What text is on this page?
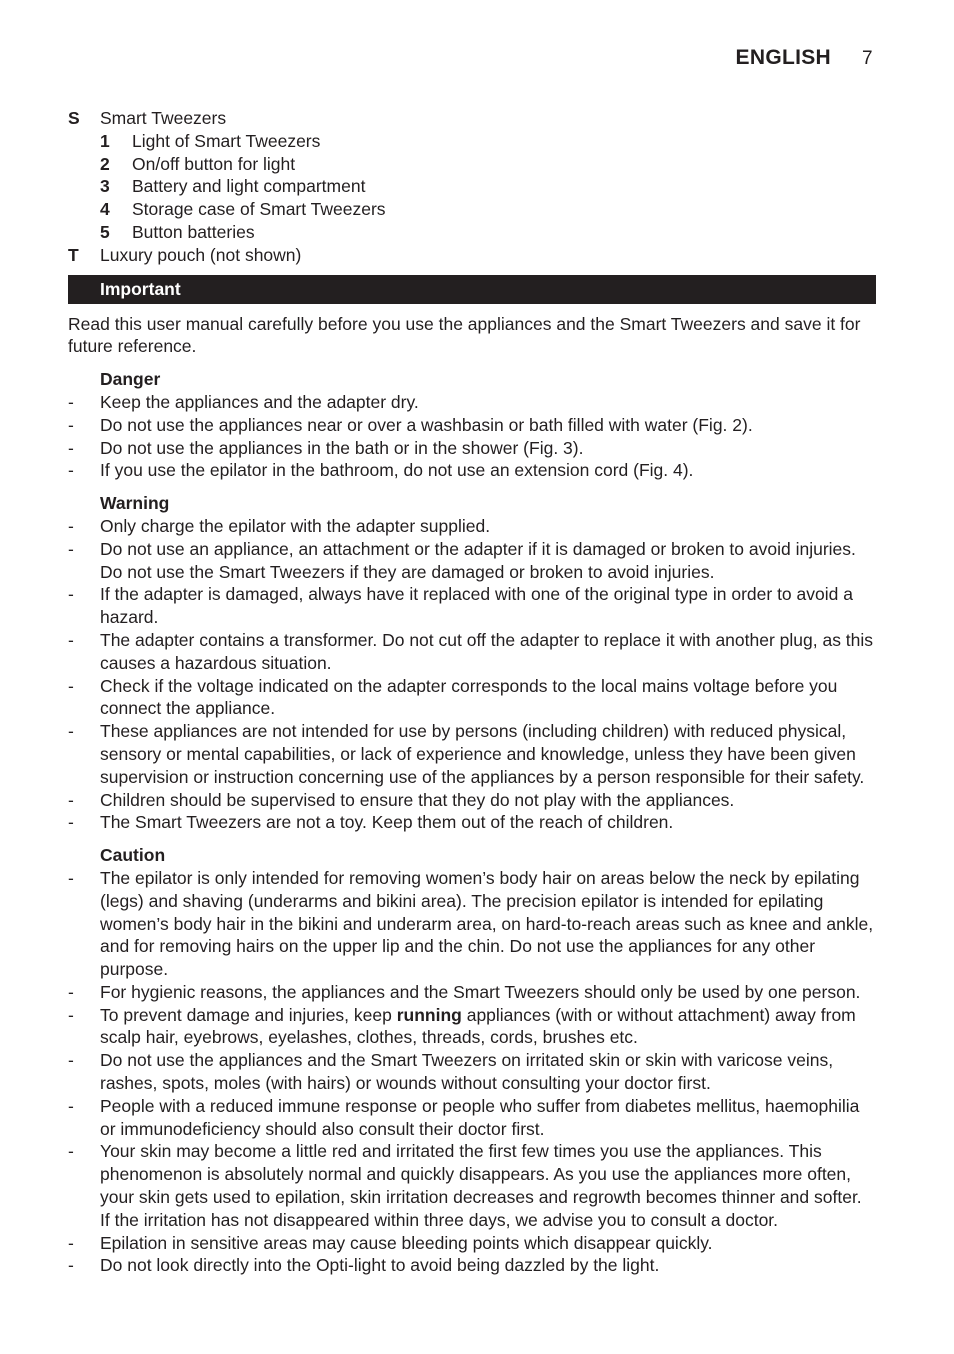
ENGLISH 7
S Smart Tweezers
1 Light of Smart Tweezers
2 On/off button for light
3 Battery and light compartment
4 Storage case of Smart Tweezers
5 Button batteries
T Luxury pouch (not shown)
Important

Read this user manual carefully before you use the appliances and the Smart Tweezers and save it for future reference.

Danger
- Keep the appliances and the adapter dry.
- Do not use the appliances near or over a washbasin or bath filled with water (Fig. 2).
- Do not use the appliances in the bath or in the shower (Fig. 3).
- If you use the epilator in the bathroom, do not use an extension cord (Fig. 4).
Warning
- Only charge the epilator with the adapter supplied.
- Do not use an appliance, an attachment or the adapter if it is damaged or broken to avoid injuries. Do not use the Smart Tweezers if they are damaged or broken to avoid injuries.
- If the adapter is damaged, always have it replaced with one of the original type in order to avoid a hazard.
- The adapter contains a transformer. Do not cut off the adapter to replace it with another plug, as this causes a hazardous situation.
- Check if the voltage indicated on the adapter corresponds to the local mains voltage before you connect the appliance.
- These appliances are not intended for use by persons (including children) with reduced physical, sensory or mental capabilities, or lack of experience and knowledge, unless they have been given supervision or instruction concerning use of the appliances by a person responsible for their safety.
- Children should be supervised to ensure that they do not play with the appliances.
- The Smart Tweezers are not a toy. Keep them out of the reach of children.
Caution
- The epilator is only intended for removing women’s body hair on areas below the neck by epilating (legs) and shaving (underarms and bikini area). The precision epilator is intended for epilating women’s body hair in the bikini and underarm area, on hard-to-reach areas such as knee and ankle, and for removing hairs on the upper lip and the chin. Do not use the appliances for any other purpose.
- For hygienic reasons, the appliances and the Smart Tweezers should only be used by one person.
- To prevent damage and injuries, keep running appliances (with or without attachment) away from scalp hair, eyebrows, eyelashes, clothes, threads, cords, brushes etc.
- Do not use the appliances and the Smart Tweezers on irritated skin or skin with varicose veins, rashes, spots, moles (with hairs) or wounds without consulting your doctor first.
- People with a reduced immune response or people who suffer from diabetes mellitus, haemophilia or immunodeficiency should also consult their doctor first.
- Your skin may become a little red and irritated the first few times you use the appliances. This phenomenon is absolutely normal and quickly disappears. As you use the appliances more often, your skin gets used to epilation, skin irritation decreases and regrowth becomes thinner and softer. If the irritation has not disappeared within three days, we advise you to consult a doctor.
- Epilation in sensitive areas may cause bleeding points which disappear quickly.
- Do not look directly into the Opti-light to avoid being dazzled by the light.
